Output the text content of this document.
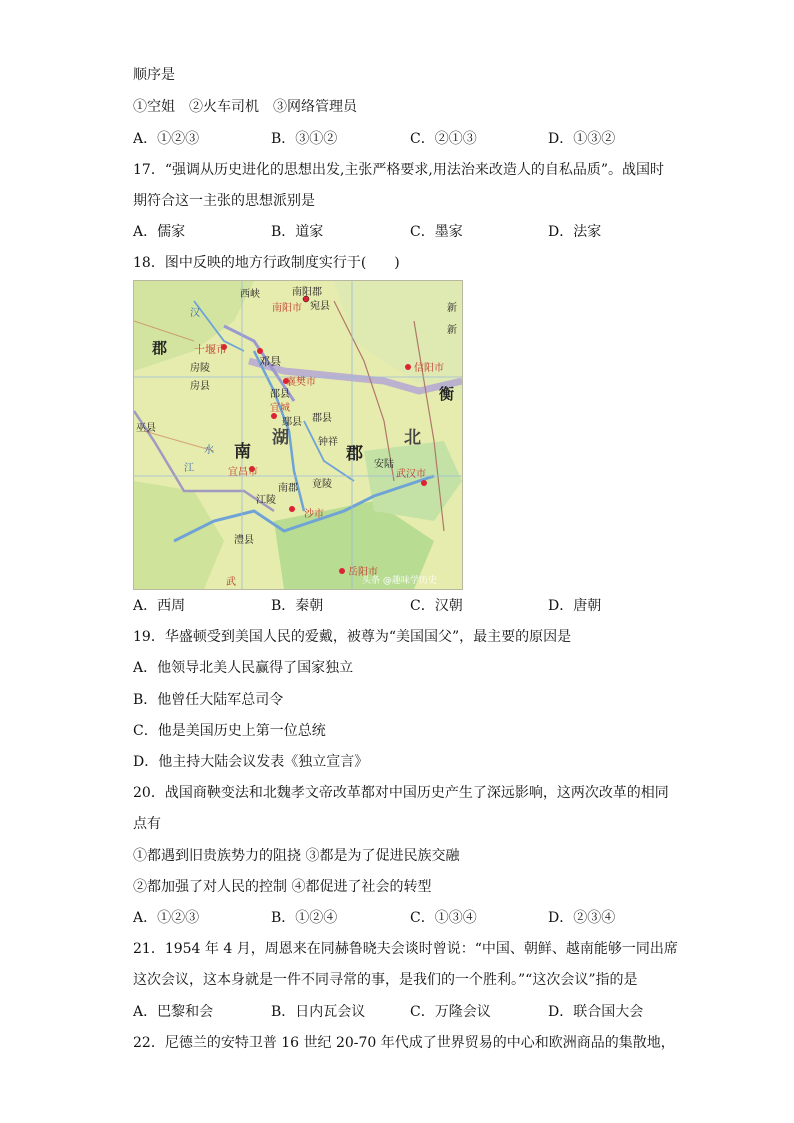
顺序是
①空姐　②火车司机　③网络管理员
A．①②③	B．③①②	C．②①③	D．①③②
17．“强调从历史进化的思想出发,主张严格要求,用法治来改造人的自私品质”。战国时
期符合这一主张的思想派别是
A．儒家	B．道家	C．墨家	D．法家
18．图中反映的地方行政制度实行于(　　)
西峡	南阳郡
宛县
南阳市	新
新
郡 十堰市
房陵
房县
邓县
襄樊市
信阳市
衡
邵县
宜城
鄢县 郡县
巫县
南
湖	北
郡
钟祥
安陆
武汉市
宜昌市
江陵
南郡 竟陵
沙市
澧县
岳阳市
武
汉
江
水
头条 @趣味学历史
A．西周	B．秦朝	C．汉朝	D．唐朝
19．华盛顿受到美国人民的爱戴，被尊为“美国国父”，最主要的原因是
A．他领导北美人民赢得了国家独立
B．他曾任大陆军总司令
C．他是美国历史上第一位总统
D．他主持大陆会议发表《独立宣言》
20．战国商鞅变法和北魏孝文帝改革都对中国历史产生了深远影响，这两次改革的相同
点有
①都遇到旧贵族势力的阻挠 ③都是为了促进民族交融
②都加强了对人民的控制 ④都促进了社会的转型
A．①②③	B．①②④	C．①③④	D．②③④
21．1954 年 4 月，周恩来在同赫鲁晓夫会谈时曾说：“中国、朝鲜、越南能够一同出席
这次会议，这本身就是一件不同寻常的事，是我们的一个胜利。”“这次会议”指的是
A．巴黎和会	B．日内瓦会议	C．万隆会议	D．联合国大会
22．尼德兰的安特卫普 16 世纪 20-70 年代成了世界贸易的中心和欧洲商品的集散地，
